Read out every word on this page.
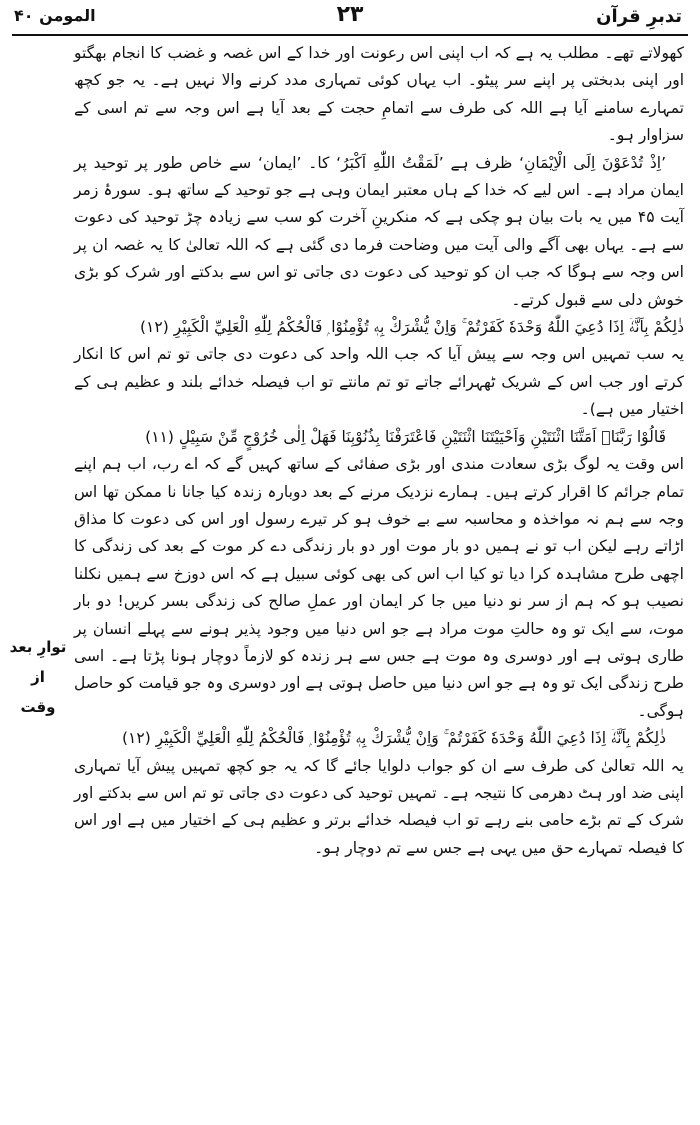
المومن ۴۰	۲۳	تدبرِ قرآن
توارِ بعد از
وقت

کھولاتے تھے۔ مطلب یہ ہے کہ اب اپنی اس رعونت اور خدا کے اس غصہ و غضب کا انجام بھگتو اور اپنی بدبختی پر اپنے سر پیٹو۔ اب یہاں کوئی تمہاری مدد کرنے والا نہیں ہے۔ یہ جو کچھ تمہارے سامنے آیا ہے اللہ کی طرف سے اتمامِ حجت کے بعد آیا ہے اس وجہ سے تم اسی کے سزاوار ہو۔

’اِذْ تُدْعَوْنَ اِلَى الْاِيْمَانِ‘ ظرف ہے ’لَمَقْتُ اللّٰهِ اَكْبَرُ‘ کا۔ ’ایمان‘ سے خاص طور پر توحید پر ایمان مراد ہے۔ اس لیے کہ خدا کے ہاں معتبر ایمان وہی ہے جو توحید کے ساتھ ہو۔ سورۂ زمر آیت ۴۵ میں یہ بات بیان ہو چکی ہے کہ منکرینِ آخرت کو سب سے زیادہ چڑ توحید کی دعوت سے ہے۔ یہاں بھی آگے والی آیت میں وضاحت فرما دی گئی ہے کہ اللہ تعالیٰ کا یہ غصہ ان پر اس وجہ سے ہوگا کہ جب ان کو توحید کی دعوت دی جاتی تو اس سے بدکتے اور شرک کو بڑی خوش دلی سے قبول کرتے۔

ذٰلِكُمْ بِاَنَّهٗۤ اِذَا دُعِيَ اللّٰهُ وَحْدَهٗ كَفَرْتُمْ ۚ وَاِنْ يُّشْرَكْ بِهٖ تُؤْمِنُوْا ۭ فَالْحُكْمُ لِلّٰهِ الْعَلِيِّ الْكَبِيْرِ (۱۲)

یہ سب تمہیں اس وجہ سے پیش آیا کہ جب اللہ واحد کی دعوت دی جاتی تو تم اس کا انکار کرتے اور جب اس کے شریک ٹھہرائے جاتے تو تم مانتے تو اب فیصلہ خدائے بلند و عظیم ہی کے اختیار میں ہے)۔

قَالُوْا رَبَّنَاۤ اَمَتَّنَا اثْنَتَيْنِ وَاَحْيَيْتَنَا اثْنَتَيْنِ فَاعْتَرَفْنَا بِذُنُوْبِنَا فَهَلْ اِلٰى خُرُوْجٍ مِّنْ سَبِيْلٍ (۱۱)

اس وقت یہ لوگ بڑی سعادت مندی اور بڑی صفائی کے ساتھ کہیں گے کہ اے رب، اب ہم اپنے تمام جرائم کا اقرار کرتے ہیں۔ ہمارے نزدیک مرنے کے بعد دوبارہ زندہ کیا جانا نا ممکن تھا اس وجہ سے ہم نہ مواخذہ و محاسبہ سے بے خوف ہو کر تیرے رسول اور اس کی دعوت کا مذاق اڑاتے رہے لیکن اب تو نے ہمیں دو بار موت اور دو بار زندگی دے کر موت کے بعد کی زندگی کا اچھی طرح مشاہدہ کرا دیا تو کیا اب اس کی بھی کوئی سبیل ہے کہ اس دوزخ سے ہمیں نکلنا نصیب ہو کہ ہم از سر نو دنیا میں جا کر ایمان اور عملِ صالح کی زندگی بسر کریں! دو بار موت، سے ایک تو وہ حالتِ موت مراد ہے جو اس دنیا میں وجود پذیر ہونے سے پہلے انسان پر طاری ہوتی ہے اور دوسری وہ موت ہے جس سے ہر زندہ کو لازماً دوچار ہونا پڑتا ہے۔ اسی طرح زندگی ایک تو وہ ہے جو اس دنیا میں حاصل ہوتی ہے اور دوسری وہ جو قیامت کو حاصل ہوگی۔

ذٰلِكُمْ بِاَنَّهٗۤ اِذَا دُعِيَ اللّٰهُ وَحْدَهٗ كَفَرْتُمْ ۚ وَاِنْ يُّشْرَكْ بِهٖ تُؤْمِنُوْا ۭ فَالْحُكْمُ لِلّٰهِ الْعَلِيِّ الْكَبِيْرِ (۱۲)

یہ اللہ تعالیٰ کی طرف سے ان کو جواب دلوایا جائے گا کہ یہ جو کچھ تمہیں پیش آیا تمہاری اپنی ضد اور ہٹ دھرمی کا نتیجہ ہے۔ تمہیں توحید کی دعوت دی جاتی تو تم اس سے بدکتے اور شرک کے تم بڑے حامی بنے رہے تو اب فیصلہ خدائے برتر و عظیم ہی کے اختیار میں ہے اور اس کا فیصلہ تمہارے حق میں یہی ہے جس سے تم دوچار ہو۔
